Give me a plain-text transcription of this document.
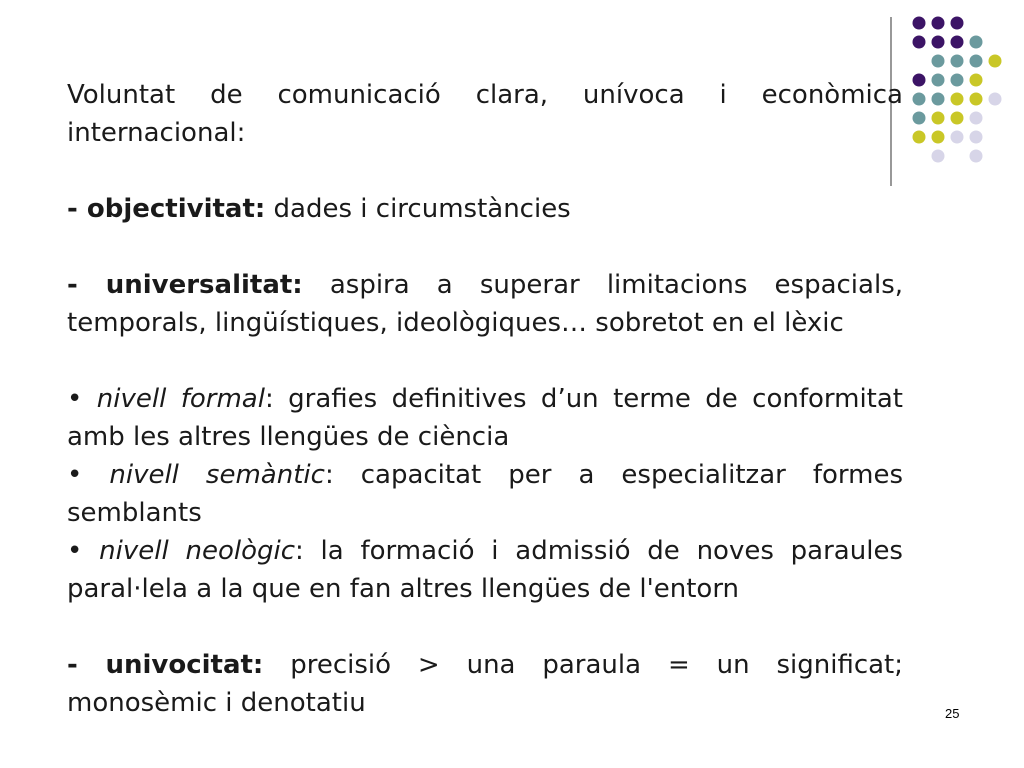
Voluntat de comunicació clara, unívoca i econòmica internacional:

- objectivitat: dades i circumstàncies

- universalitat: aspira a superar limitacions espacials, temporals, lingüístiques, ideològiques… sobretot en el lèxic

• nivell formal: grafies definitives d’un terme de conformitat amb les altres llengües de ciència

• nivell semàntic: capacitat per a especialitzar formes semblants

• nivell neològic: la formació i admissió de noves paraules paral·lela a la que en fan altres llengües de l'entorn

- univocitat: precisió > una paraula = un significat; monosèmic i denotatiu	25
